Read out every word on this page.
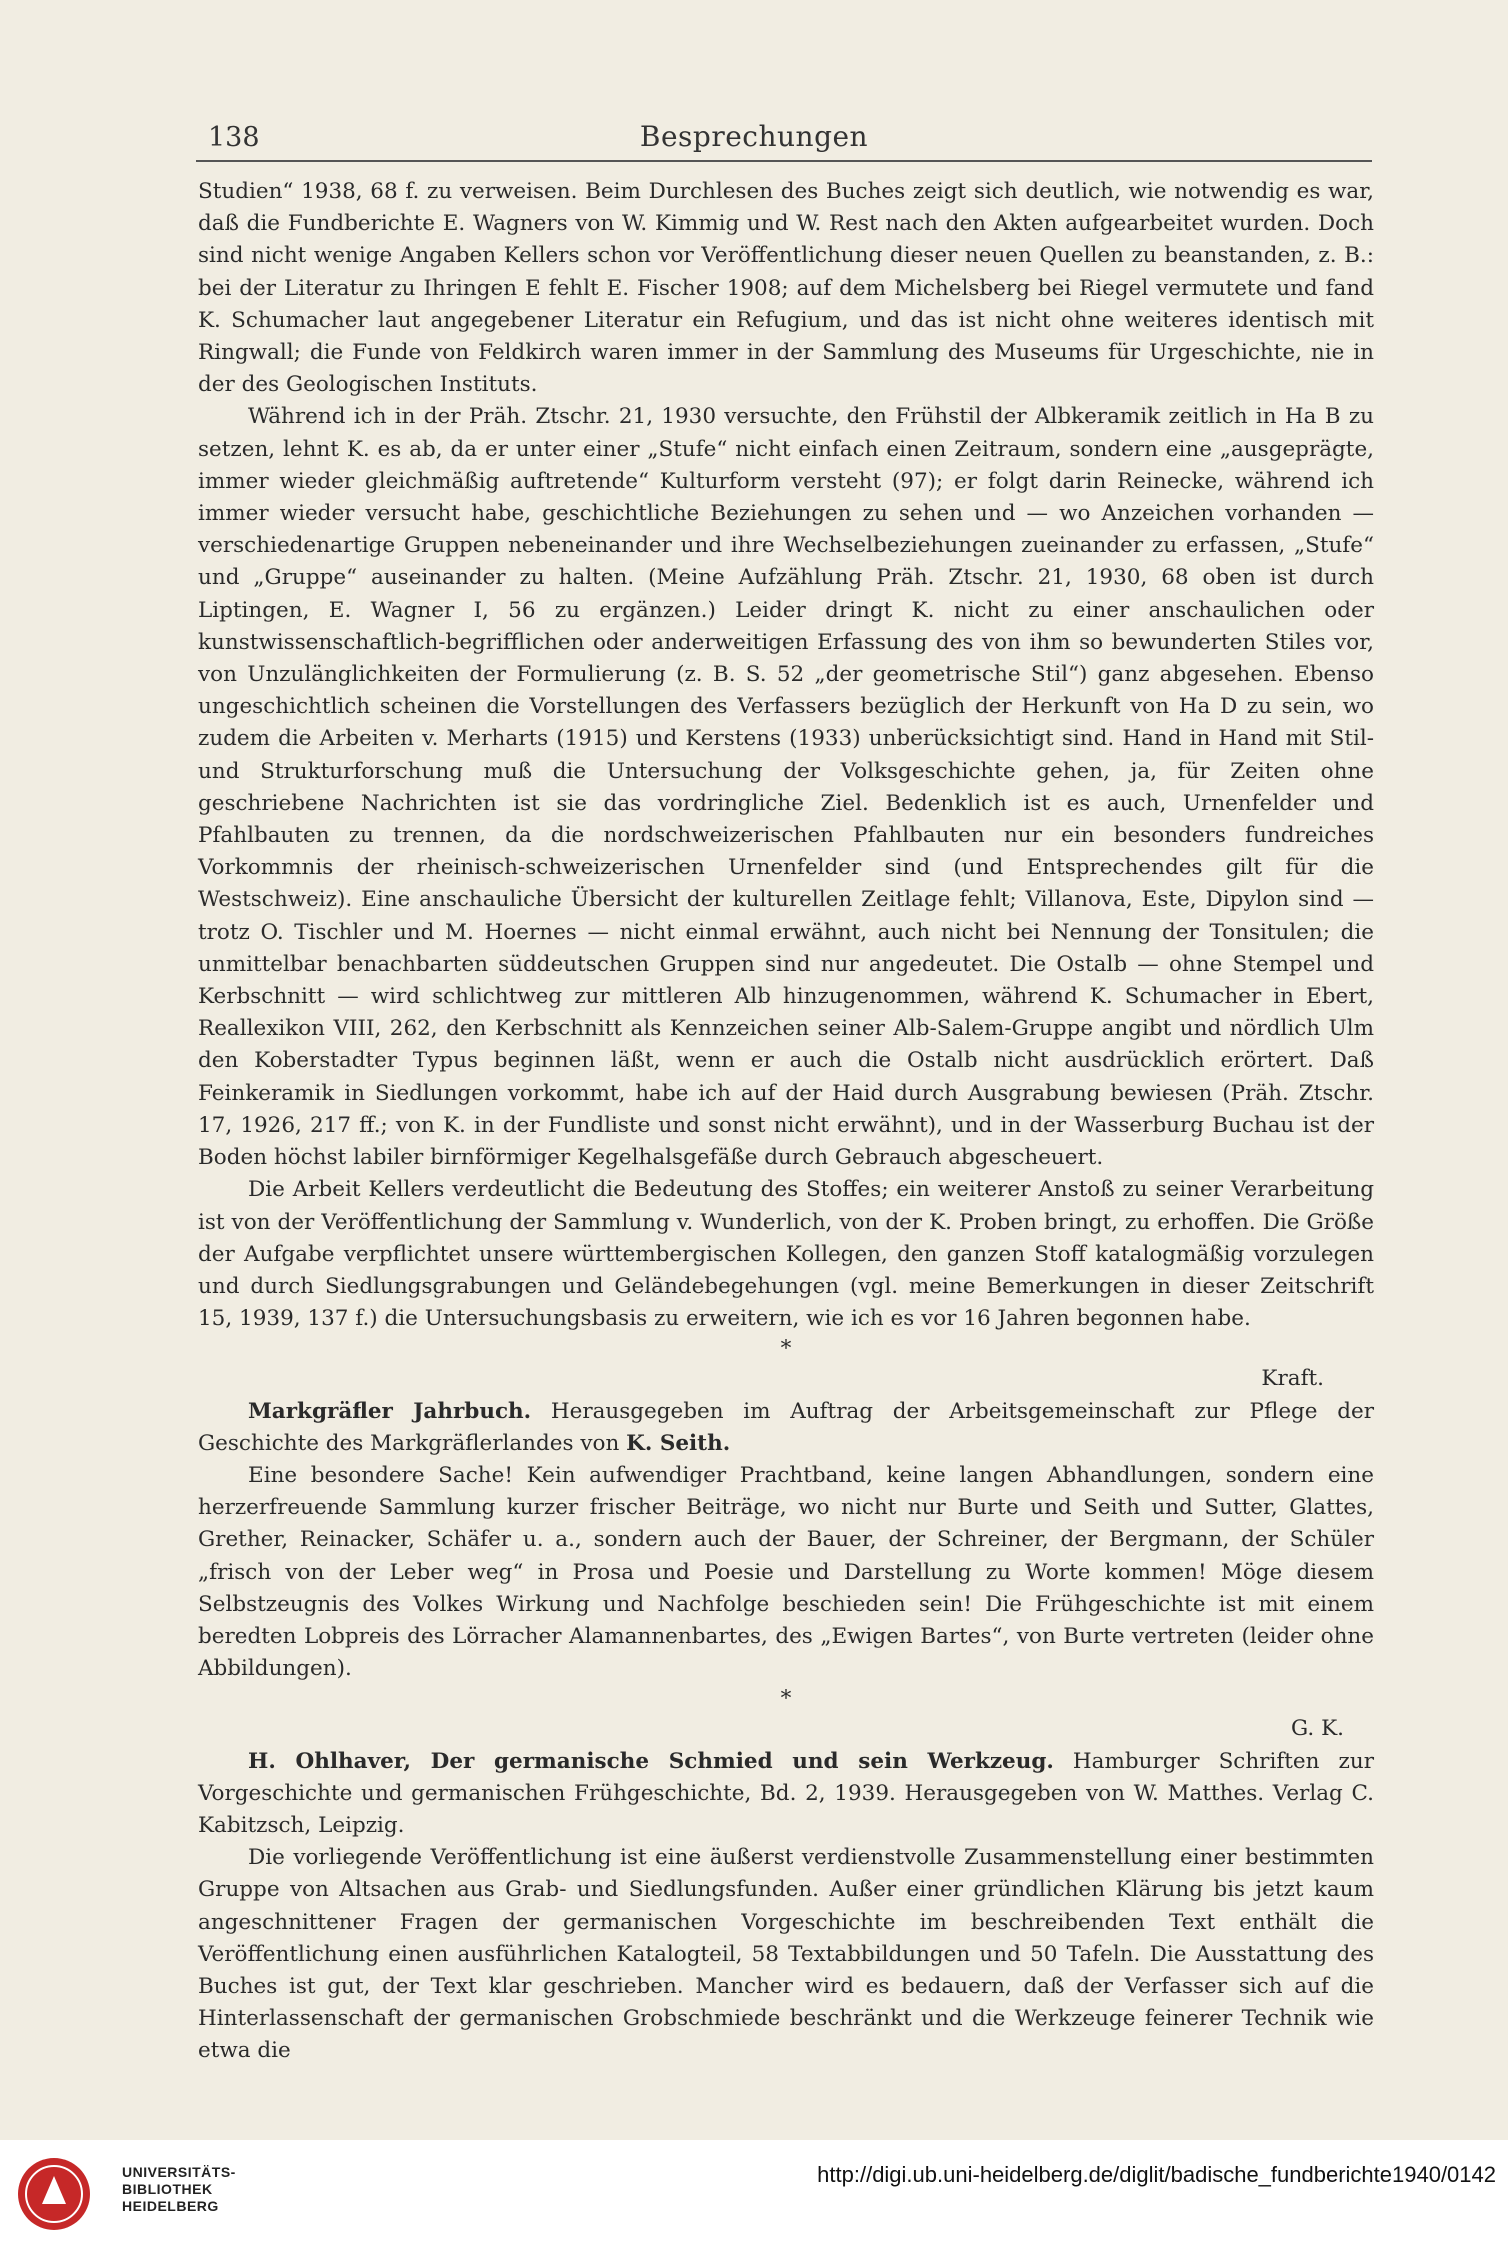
138	Besprechungen

Studien“ 1938, 68 f. zu verweisen. Beim Durchlesen des Buches zeigt sich deutlich, wie notwendig es war, daß die Fundberichte E. Wagners von W. Kimmig und W. Rest nach den Akten aufgearbeitet wurden. Doch sind nicht wenige Angaben Kellers schon vor Veröffentlichung dieser neuen Quellen zu beanstanden, z. B.: bei der Literatur zu Ihringen E fehlt E. Fischer 1908; auf dem Michelsberg bei Riegel vermutete und fand K. Schumacher laut angegebener Literatur ein Refugium, und das ist nicht ohne weiteres identisch mit Ringwall; die Funde von Feldkirch waren immer in der Sammlung des Museums für Urgeschichte, nie in der des Geologischen Instituts.

Während ich in der Präh. Ztschr. 21, 1930 versuchte, den Frühstil der Albkeramik zeitlich in Ha B zu setzen, lehnt K. es ab, da er unter einer „Stufe“ nicht einfach einen Zeitraum, sondern eine „ausgeprägte, immer wieder gleichmäßig auftretende“ Kulturform versteht (97); er folgt darin Reinecke, während ich immer wieder versucht habe, geschichtliche Beziehungen zu sehen und — wo Anzeichen vorhanden — verschiedenartige Gruppen nebeneinander und ihre Wechselbeziehungen zueinander zu erfassen, „Stufe“ und „Gruppe“ auseinander zu halten. (Meine Aufzählung Präh. Ztschr. 21, 1930, 68 oben ist durch Liptingen, E. Wagner I, 56 zu ergänzen.) Leider dringt K. nicht zu einer anschaulichen oder kunstwissenschaftlich-begrifflichen oder anderweitigen Erfassung des von ihm so bewunderten Stiles vor, von Unzulänglichkeiten der Formulierung (z. B. S. 52 „der geometrische Stil“) ganz abgesehen. Ebenso ungeschichtlich scheinen die Vorstellungen des Verfassers bezüglich der Herkunft von Ha D zu sein, wo zudem die Arbeiten v. Merharts (1915) und Kerstens (1933) unberücksichtigt sind. Hand in Hand mit Stil- und Strukturforschung muß die Untersuchung der Volksgeschichte gehen, ja, für Zeiten ohne geschriebene Nachrichten ist sie das vordringliche Ziel. Bedenklich ist es auch, Urnenfelder und Pfahlbauten zu trennen, da die nordschweizerischen Pfahlbauten nur ein besonders fundreiches Vorkommnis der rheinisch-schweizerischen Urnenfelder sind (und Entsprechendes gilt für die Westschweiz). Eine anschauliche Übersicht der kulturellen Zeitlage fehlt; Villanova, Este, Dipylon sind — trotz O. Tischler und M. Hoernes — nicht einmal erwähnt, auch nicht bei Nennung der Tonsitulen; die unmittelbar benachbarten süddeutschen Gruppen sind nur angedeutet. Die Ostalb — ohne Stempel und Kerbschnitt — wird schlichtweg zur mittleren Alb hinzugenommen, während K. Schumacher in Ebert, Reallexikon VIII, 262, den Kerbschnitt als Kennzeichen seiner Alb-Salem-Gruppe angibt und nördlich Ulm den Koberstadter Typus beginnen läßt, wenn er auch die Ostalb nicht ausdrücklich erörtert. Daß Feinkeramik in Siedlungen vorkommt, habe ich auf der Haid durch Ausgrabung bewiesen (Präh. Ztschr. 17, 1926, 217 ff.; von K. in der Fundliste und sonst nicht erwähnt), und in der Wasserburg Buchau ist der Boden höchst labiler birnförmiger Kegelhalsgefäße durch Gebrauch abgescheuert.

Die Arbeit Kellers verdeutlicht die Bedeutung des Stoffes; ein weiterer Anstoß zu seiner Verarbeitung ist von der Veröffentlichung der Sammlung v. Wunderlich, von der K. Proben bringt, zu erhoffen. Die Größe der Aufgabe verpflichtet unsere württembergischen Kollegen, den ganzen Stoff katalogmäßig vorzulegen und durch Siedlungsgrabungen und Geländebegehungen (vgl. meine Bemerkungen in dieser Zeitschrift 15, 1939, 137 f.) die Untersuchungsbasis zu erweitern, wie ich es vor 16 Jahren begonnen habe.

*

Kraft.

Markgräfler Jahrbuch. Herausgegeben im Auftrag der Arbeitsgemeinschaft zur Pflege der Geschichte des Markgräflerlandes von K. Seith.

Eine besondere Sache! Kein aufwendiger Prachtband, keine langen Abhandlungen, sondern eine herzerfreuende Sammlung kurzer frischer Beiträge, wo nicht nur Burte und Seith und Sutter, Glattes, Grether, Reinacker, Schäfer u. a., sondern auch der Bauer, der Schreiner, der Bergmann, der Schüler „frisch von der Leber weg“ in Prosa und Poesie und Darstellung zu Worte kommen! Möge diesem Selbstzeugnis des Volkes Wirkung und Nachfolge beschieden sein! Die Frühgeschichte ist mit einem beredten Lobpreis des Lörracher Alamannenbartes, des „Ewigen Bartes“, von Burte vertreten (leider ohne Abbildungen).

*

G. K.

H. Ohlhaver, Der germanische Schmied und sein Werkzeug. Hamburger Schriften zur Vorgeschichte und germanischen Frühgeschichte, Bd. 2, 1939. Herausgegeben von W. Matthes. Verlag C. Kabitzsch, Leipzig.

Die vorliegende Veröffentlichung ist eine äußerst verdienstvolle Zusammenstellung einer bestimmten Gruppe von Altsachen aus Grab- und Siedlungsfunden. Außer einer gründlichen Klärung bis jetzt kaum angeschnittener Fragen der germanischen Vorgeschichte im beschreibenden Text enthält die Veröffentlichung einen ausführlichen Katalogteil, 58 Textabbildungen und 50 Tafeln. Die Ausstattung des Buches ist gut, der Text klar geschrieben. Mancher wird es bedauern, daß der Verfasser sich auf die Hinterlassenschaft der germanischen Grobschmiede beschränkt und die Werkzeuge feinerer Technik wie etwa die

UNIVERSITÄTS-
BIBLIOTHEK
HEIDELBERG
http://digi.ub.uni-heidelberg.de/diglit/badische_fundberichte1940/0142
